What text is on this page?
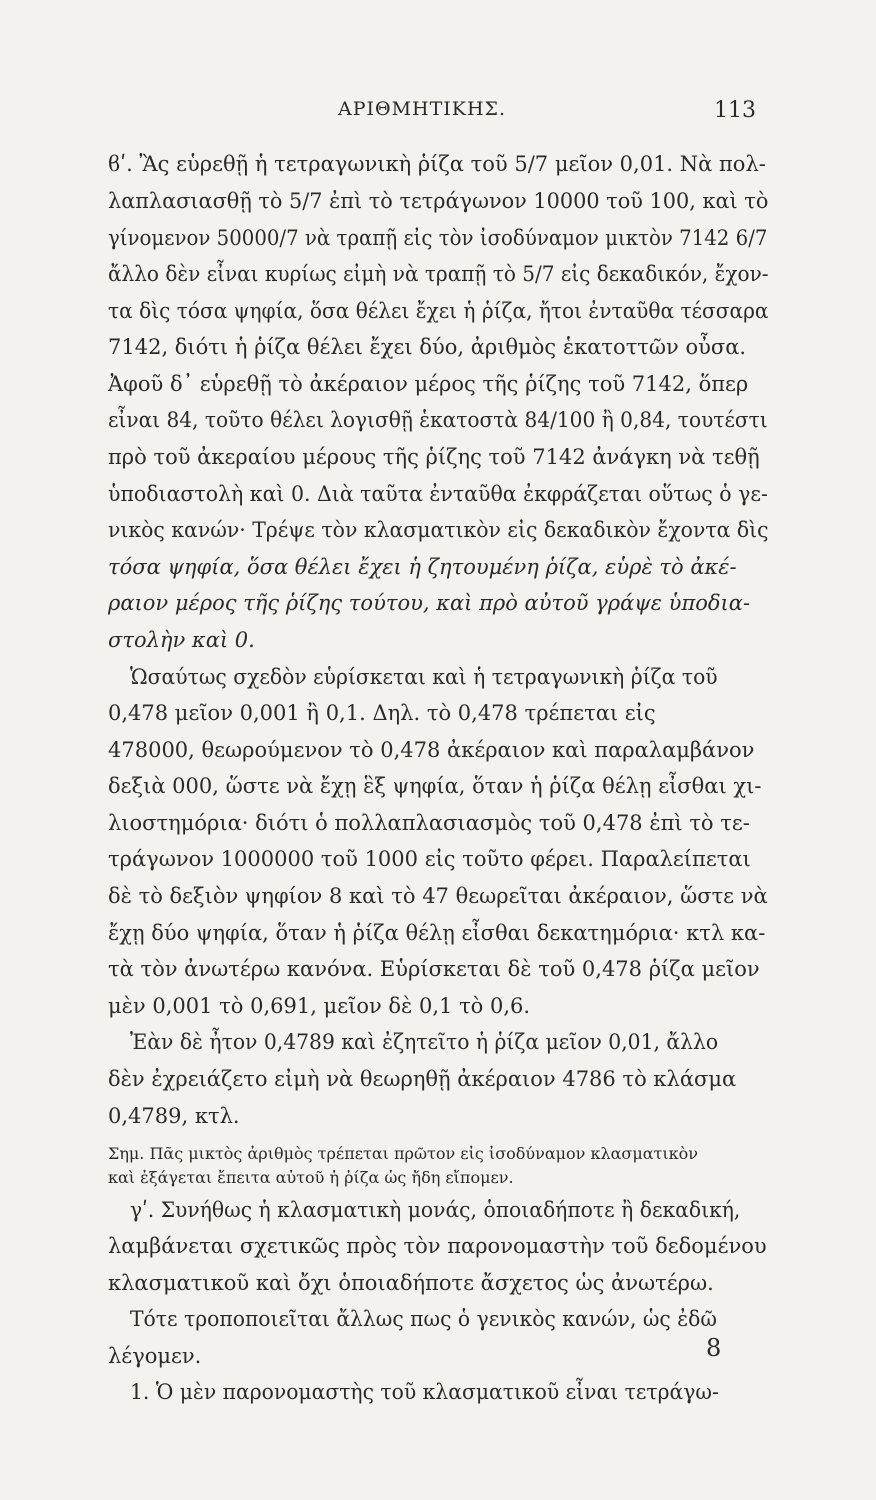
ΑΡΙΘΜΗΤΙΚΗΣ.	113
ϐʹ. Ἂς εὑρεθῇ ἡ τετραγωνικὴ ῥίζα τοῦ 5/7 μεῖον 0,01. Νὰ πολ-
λαπλασιασθῇ τὸ 5/7 ἐπὶ τὸ τετράγωνον 10000 τοῦ 100, καὶ τὸ
γίνομενον 50000/7 νὰ τραπῇ εἰς τὸν ἰσοδύναμον μικτὸν 7142 6/7
ἄλλο δὲν εἶναι κυρίως εἰμὴ νὰ τραπῇ τὸ 5/7 εἰς δεκαδικόν, ἔχον-
τα δὶς τόσα ψηφία, ὅσα θέλει ἔχει ἡ ῥίζα, ἤτοι ἐνταῦθα τέσσαρα
7142, διότι ἡ ῥίζα θέλει ἔχει δύο, ἀριθμὸς ἑκατοττῶν οὖσα.
Ἀφοῦ δ᾽ εὑρεθῇ τὸ ἀκέραιον μέρος τῆς ῥίζης τοῦ 7142, ὅπερ
εἶναι 84, τοῦτο θέλει λογισθῇ ἑκατοστὰ 84/100 ἢ 0,84, τουτέστι
πρὸ τοῦ ἀκεραίου μέρους τῆς ῥίζης τοῦ 7142 ἀνάγκη νὰ τεθῇ
ὑποδιαστολὴ καὶ 0. Διὰ ταῦτα ἐνταῦθα ἐκφράζεται οὕτως ὁ γε-
νικὸς κανών· Τρέψε τὸν κλασματικὸν εἰς δεκαδικὸν ἔχοντα δὶς
τόσα ψηφία, ὅσα θέλει ἔχει ἡ ζητουμένη ῥίζα, εὑρὲ τὸ ἀκέ-
ραιον μέρος τῆς ῥίζης τούτου, καὶ πρὸ αὐτοῦ γράψε ὑποδια-
στολὴν καὶ 0.
Ὡσαύτως σχεδὸν εὑρίσκεται καὶ ἡ τετραγωνικὴ ῥίζα τοῦ
0,478 μεῖον 0,001 ἢ 0,1. Δηλ. τὸ 0,478 τρέπεται εἰς
478000, θεωρούμενον τὸ 0,478 ἀκέραιον καὶ παραλαμβάνον
δεξιὰ 000, ὥστε νὰ ἔχῃ ἓξ ψηφία, ὅταν ἡ ῥίζα θέλῃ εἶσθαι χι-
λιοστημόρια· διότι ὁ πολλαπλασιασμὸς τοῦ 0,478 ἐπὶ τὸ τε-
τράγωνον 1000000 τοῦ 1000 εἰς τοῦτο φέρει. Παραλείπεται
δὲ τὸ δεξιὸν ψηφίον 8 καὶ τὸ 47 θεωρεῖται ἀκέραιον, ὥστε νὰ
ἔχῃ δύο ψηφία, ὅταν ἡ ῥίζα θέλῃ εἶσθαι δεκατημόρια· κτλ κα-
τὰ τὸν ἀνωτέρω κανόνα. Εὑρίσκεται δὲ τοῦ 0,478 ῥίζα μεῖον
μὲν 0,001 τὸ 0,691, μεῖον δὲ 0,1 τὸ 0,6.
Ἐὰν δὲ ἦτον 0,4789 καὶ ἐζητεῖτο ἡ ῥίζα μεῖον 0,01, ἄλλο
δὲν ἐχρειάζετο εἰμὴ νὰ θεωρηθῇ ἀκέραιον 4786 τὸ κλάσμα
0,4789, κτλ.
Σημ. Πᾶς μικτὸς ἀριθμὸς τρέπεται πρῶτον εἰς ἰσοδύναμον κλασματικὸν
καὶ ἐξάγεται ἔπειτα αὐτοῦ ἡ ῥίζα ὡς ἤδη εἴπομεν.
γʹ. Συνήθως ἡ κλασματικὴ μονάς, ὁποιαδήποτε ἢ δεκαδική,
λαμβάνεται σχετικῶς πρὸς τὸν παρονομαστὴν τοῦ δεδομένου
κλασματικοῦ καὶ ὄχι ὁποιαδήποτε ἄσχετος ὡς ἀνωτέρω.
Τότε τροποποιεῖται ἄλλως πως ὁ γενικὸς κανών, ὡς ἐδῶ
λέγομεν.
1. Ὁ μὲν παρονομαστὴς τοῦ κλασματικοῦ εἶναι τετράγω-
8
